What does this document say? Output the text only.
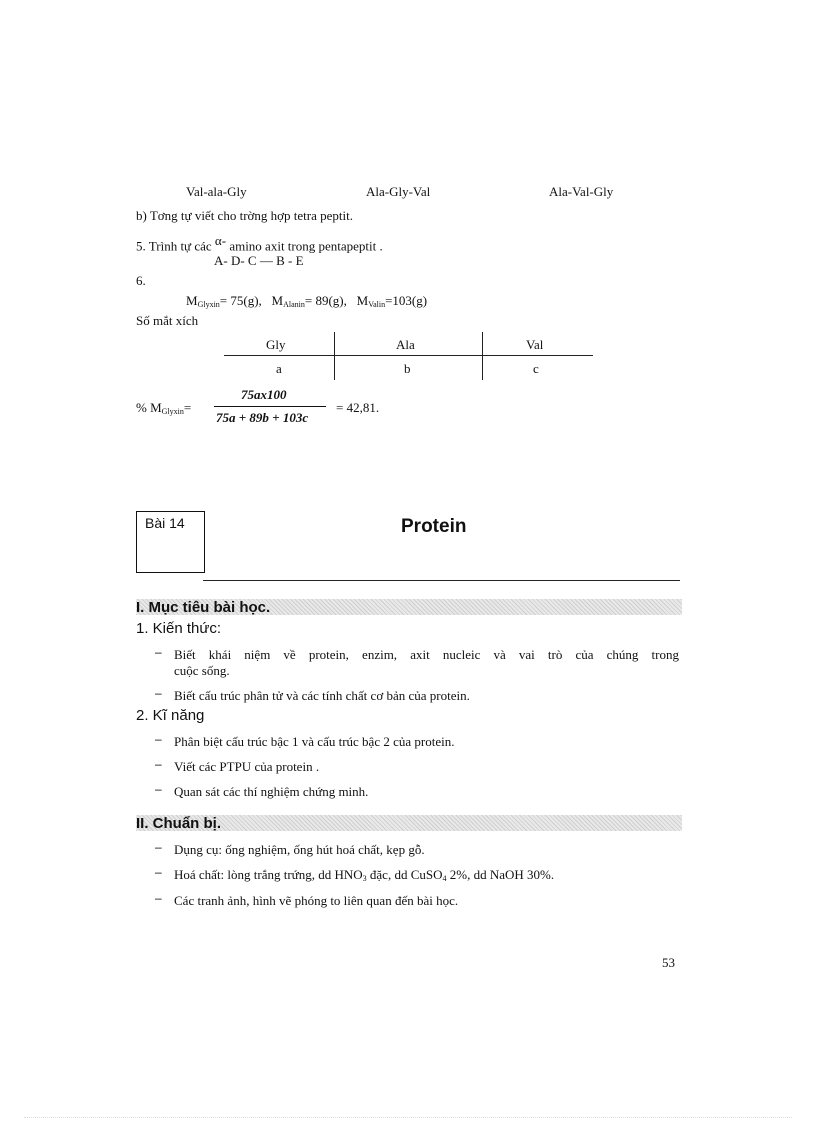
Val-ala-Gly	Ala-Gly-Val	Ala-Val-Gly
b) Tơng tự viết cho trờng hợp tetra peptit.
5. Trình tự các $^{\alpha-}$ amino axit trong pentapeptit .
A- D- C — B - E
6.
$M_{Glyxin}= 75(g)$, $M_{Alanin}= 89(g)$, $M_{Valin}=103(g)$
Số mắt xích
Gly	Ala	Val
a	b	c
% $M_{Glyxin}=$
75ax100
75a + 89b + 103c
= 42,81.
Bài 14	Protein
I. Mục tiêu bài học.
1. Kiến thức:
– Biết khái niệm về protein, enzim, axit nucleic và vai trò của chúng trong
cuộc sống.
– Biết cấu trúc phân tử và các tính chất cơ bản của protein.
2. Kĩ năng
– Phân biệt cấu trúc bậc 1 và cấu trúc bậc 2 của protein.
– Viết các PTPU của protein .
– Quan sát các thí nghiệm chứng minh.
II. Chuẩn bị.
– Dụng cụ: ống nghiệm, ống hút hoá chất, kẹp gỗ.
– Hoá chất: lòng trắng trứng, dd $HNO_3$ đặc, dd CuSO$_4$ 2%, dd NaOH 30%.
– Các tranh ảnh, hình vẽ phóng to liên quan đến bài học.
53
